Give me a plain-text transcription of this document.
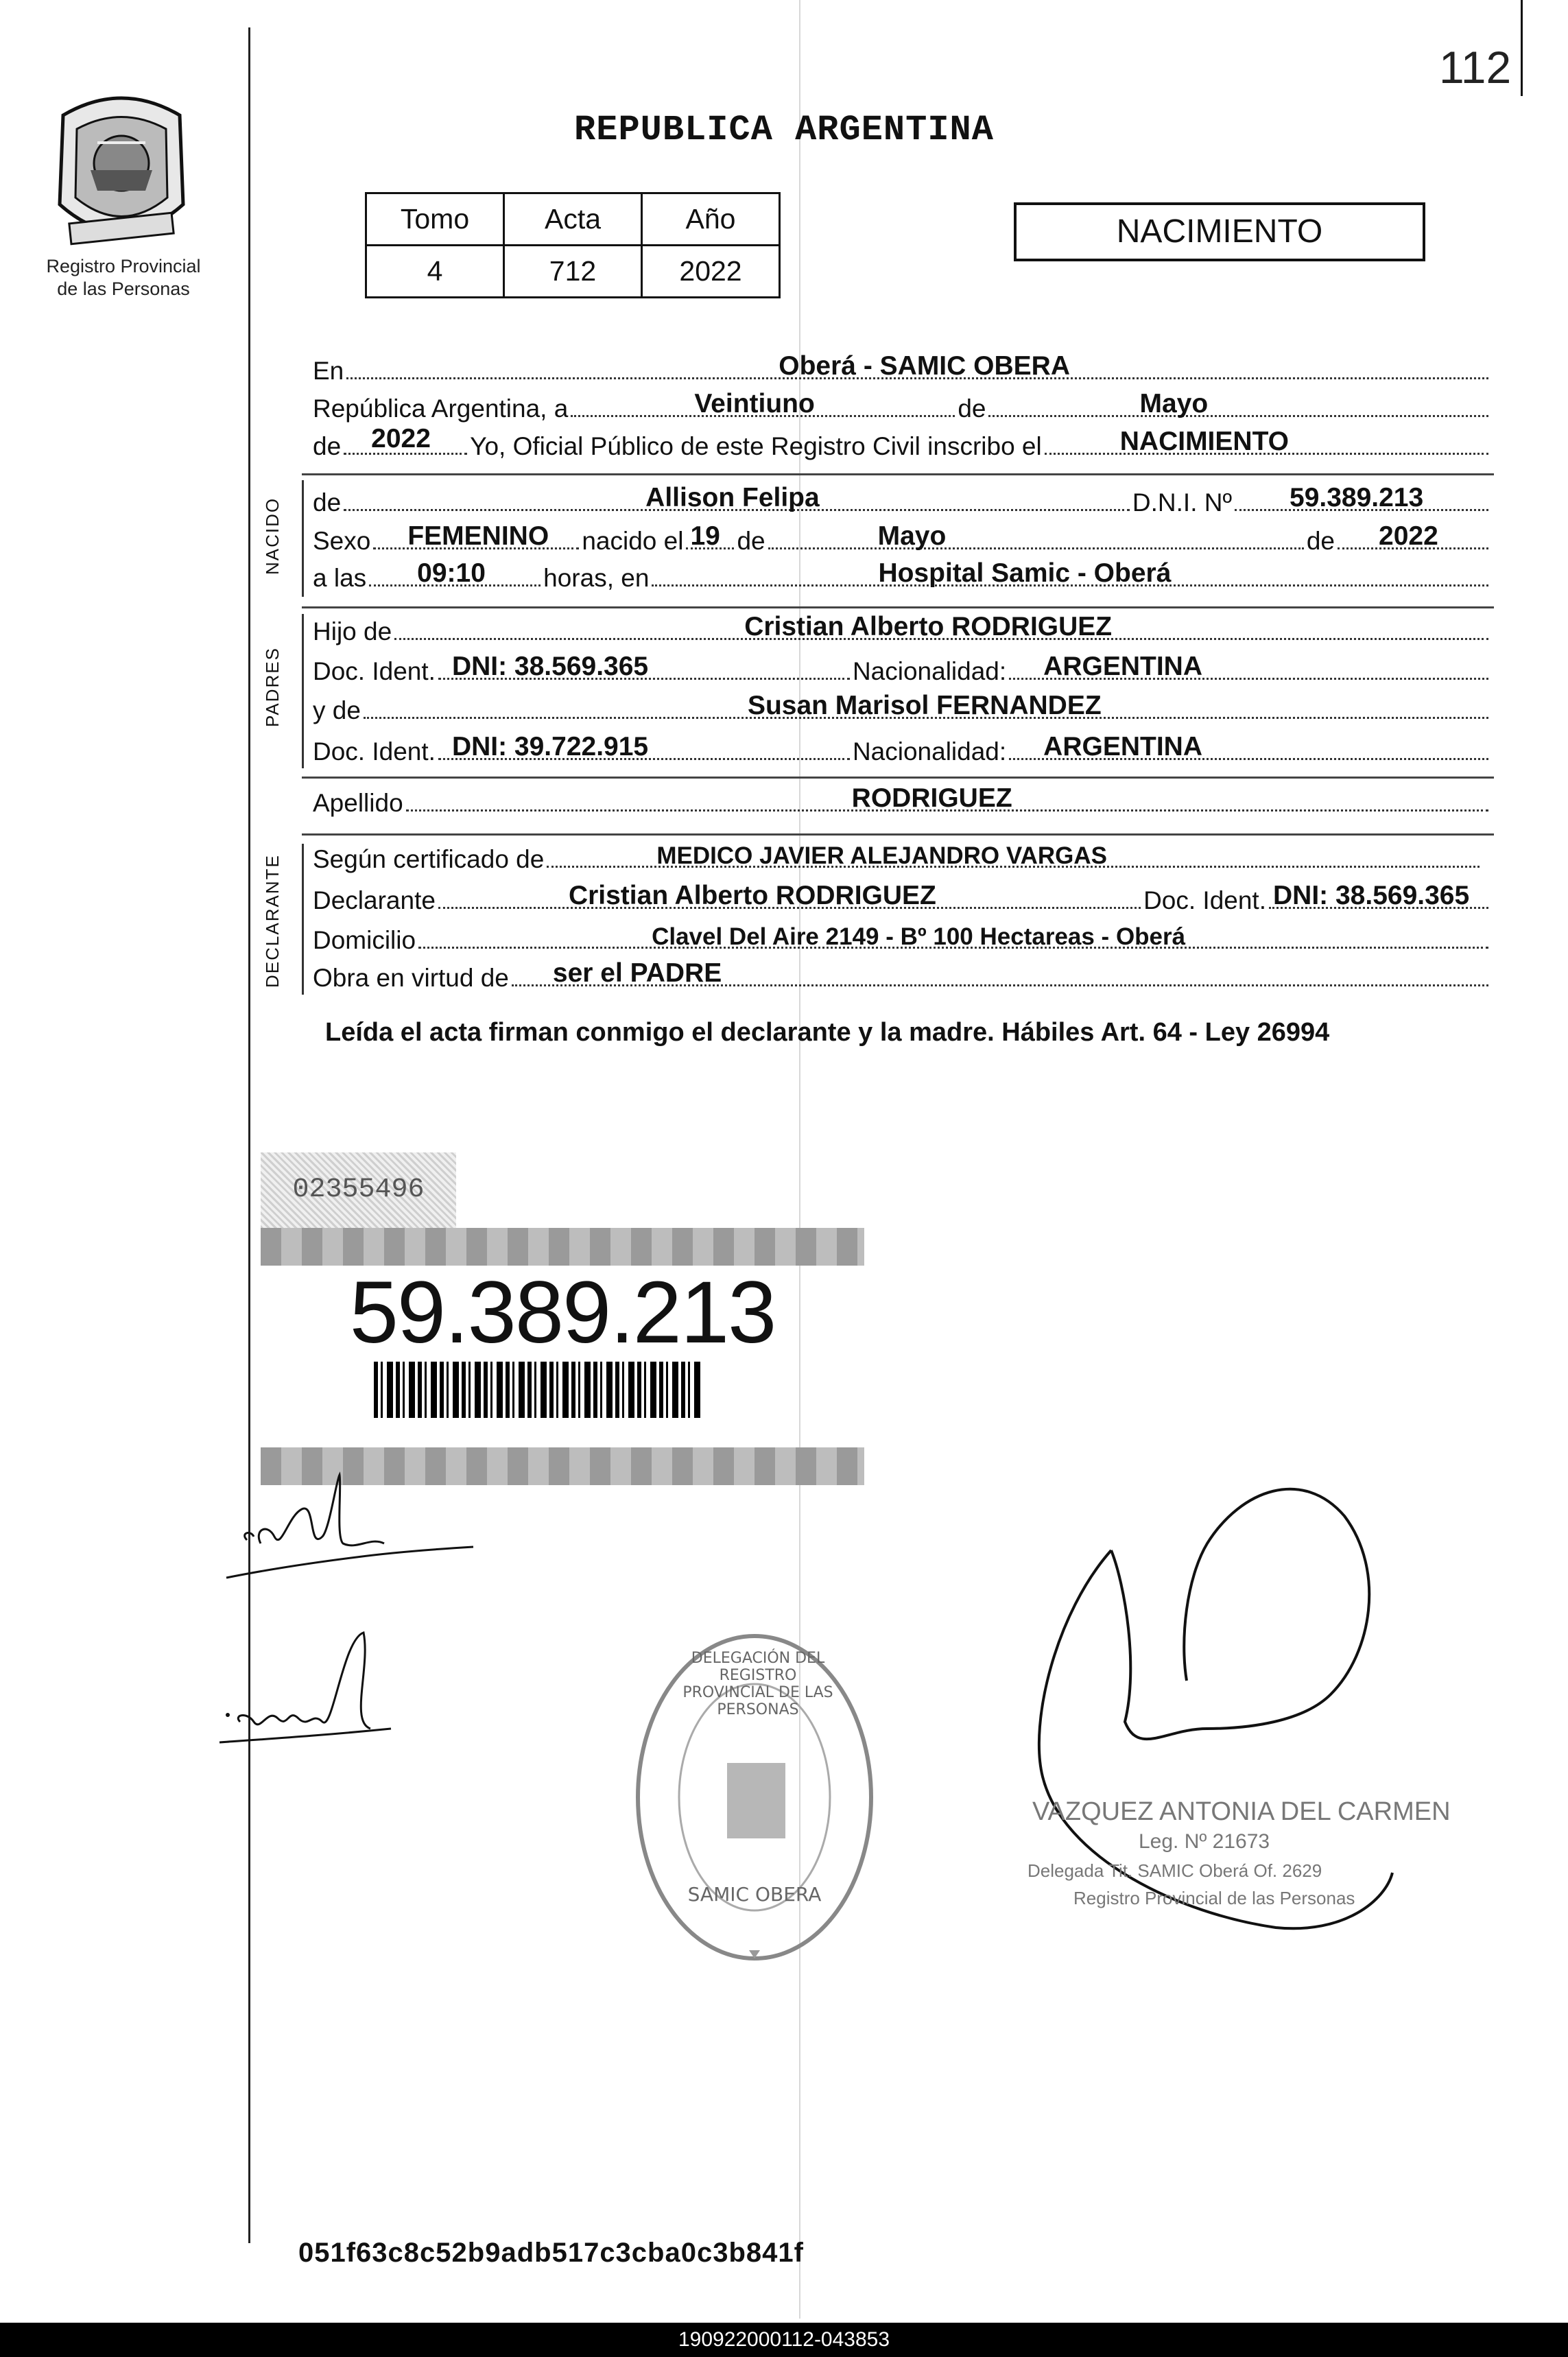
112
Registro Provincial
de las Personas
REPUBLICA ARGENTINA
Tomo	Acta	Año
4	712	2022
NACIMIENTO
En	Oberá - SAMIC OBERA
República Argentina, a	Veintiuno	de	Mayo
de 2022 Yo, Oficial Público de este Registro Civil inscribo el	NACIMIENTO
NACIDO de	Allison Felipa	D.N.I. Nº 59.389.213
Sexo FEMENINO nacido el 19 de	Mayo	de 2022
a las 09:10 horas, en	Hospital Samic - Oberá
PADRES
Hijo de	Cristian Alberto RODRIGUEZ
Doc. Ident. DNI: 38.569.365	Nacionalidad: ARGENTINA
y de	Susan Marisol FERNANDEZ
Doc. Ident. DNI: 39.722.915	Nacionalidad: ARGENTINA
Apellido	RODRIGUEZ
DECLARANTE Según certificado de	MEDICO JAVIER ALEJANDRO VARGAS
Declarante	Cristian Alberto RODRIGUEZ	Doc. Ident. DNI: 38.569.365
Domicilio	Clavel Del Aire 2149 - Bº 100 Hectareas - Oberá
Obra en virtud de ser el PADRE
Leída el acta firman conmigo el declarante y la madre. Hábiles Art. 64 - Ley 26994
02355496
59.389.213
DELEGACIÓN DEL REGISTRO PROVINCIAL DE LAS PERSONAS
SAMIC OBERA
VAZQUEZ ANTONIA DEL CARMEN
Leg. Nº 21673
Delegada Tit. SAMIC Oberá Of. 2629
Registro Provincial de las Personas
051f63c8c52b9adb517c3cba0c3b841f
190922000112-043853
